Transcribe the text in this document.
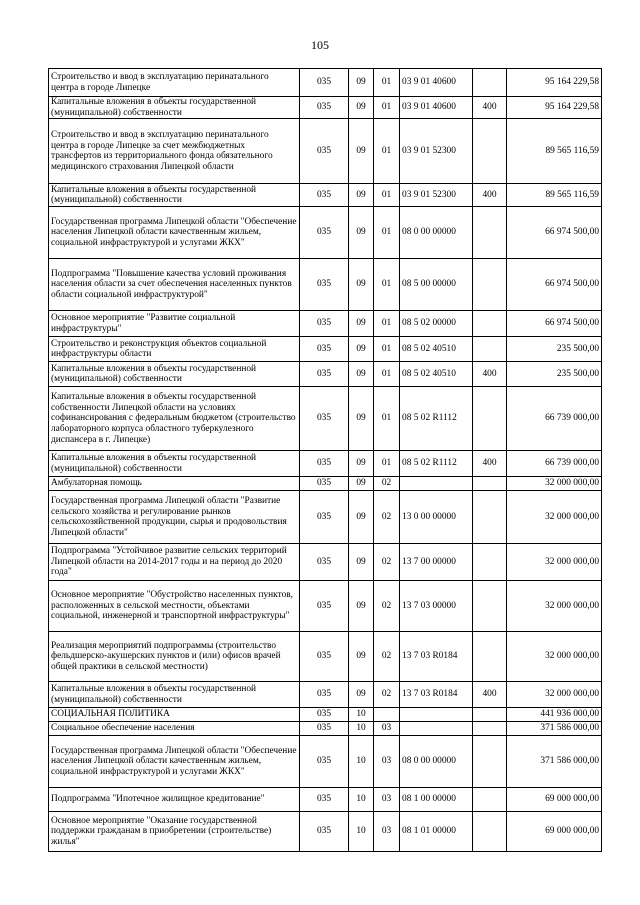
105
Строительство и ввод в эксплуатацию перинатального центра в городе Липецке	035	09	01	03 9 01 40600		95 164 229,58
Капитальные вложения в объекты государственной (муниципальной) собственности	035	09	01	03 9 01 40600	400	95 164 229,58
Строительство и ввод в эксплуатацию перинатального центра в городе Липецке за счет межбюджетных трансфертов из территориального фонда обязательного медицинского страхования Липецкой области	035	09	01	03 9 01 52300		89 565 116,59
Капитальные вложения в объекты государственной (муниципальной) собственности	035	09	01	03 9 01 52300	400	89 565 116,59
Государственная программа Липецкой области "Обеспечение населения Липецкой области качественным жильем, социальной инфраструктурой и услугами ЖКХ"	035	09	01	08 0 00 00000		66 974 500,00
Подпрограмма "Повышение качества условий проживания населения области за счет обеспечения населенных пунктов области социальной инфраструктурой"	035	09	01	08 5 00 00000		66 974 500,00
Основное мероприятие "Развитие социальной инфраструктуры"	035	09	01	08 5 02 00000		66 974 500,00
Строительство и реконструкция объектов социальной инфраструктуры области	035	09	01	08 5 02 40510		235 500,00
Капитальные вложения в объекты государственной (муниципальной) собственности	035	09	01	08 5 02 40510	400	235 500,00
Капитальные вложения в объекты государственной собственности Липецкой области на условиях софинансирования с федеральным бюджетом (строительство лабораторного корпуса областного туберкулезного диспансера в г. Липецке)	035	09	01	08 5 02 R1112		66 739 000,00
Капитальные вложения в объекты государственной (муниципальной) собственности	035	09	01	08 5 02 R1112	400	66 739 000,00
Амбулаторная помощь	035	09	02			32 000 000,00
Государственная программа Липецкой области "Развитие сельского хозяйства и регулирование рынков сельскохозяйственной продукции, сырья и продовольствия Липецкой области"	035	09	02	13 0 00 00000		32 000 000,00
Подпрограмма "Устойчивое развитие сельских территорий Липецкой области на 2014-2017 годы и на период до 2020 года"	035	09	02	13 7 00 00000		32 000 000,00
Основное мероприятие "Обустройство населенных пунктов, расположенных в сельской местности, объектами социальной, инженерной и транспортной инфраструктуры"	035	09	02	13 7 03 00000		32 000 000,00
Реализация мероприятий подпрограммы (строительство фельдшерско-акушерских пунктов и (или) офисов врачей общей практики в сельской местности)	035	09	02	13 7 03 R0184		32 000 000,00
Капитальные вложения в объекты государственной (муниципальной) собственности	035	09	02	13 7 03 R0184	400	32 000 000,00
СОЦИАЛЬНАЯ ПОЛИТИКА	035	10				441 936 000,00
Социальное обеспечение населения	035	10	03			371 586 000,00
Государственная программа Липецкой области "Обеспечение населения Липецкой области качественным жильем, социальной инфраструктурой и услугами ЖКХ"	035	10	03	08 0 00 00000		371 586 000,00
Подпрограмма "Ипотечное жилищное кредитование"	035	10	03	08 1 00 00000		69 000 000,00
Основное мероприятие "Оказание государственной поддержки гражданам в приобретении (строительстве) жилья"	035	10	03	08 1 01 00000		69 000 000,00
